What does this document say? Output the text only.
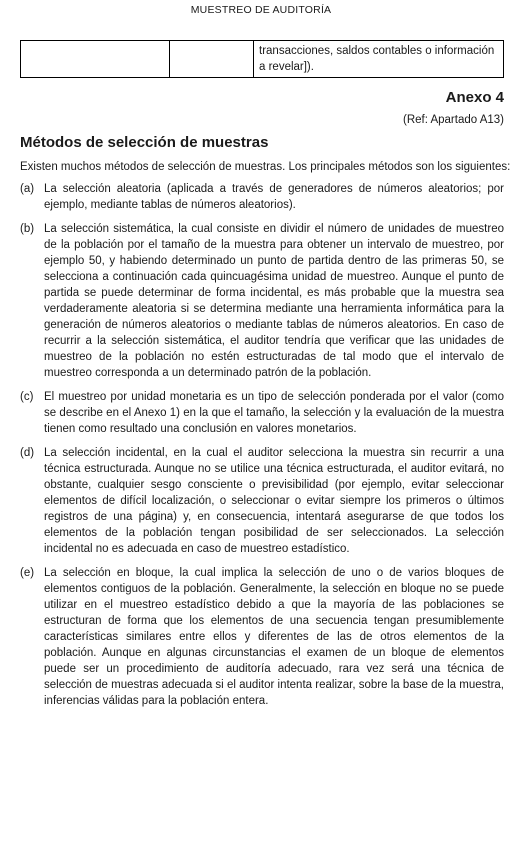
MUESTREO DE AUDITORÍA
		transacciones, saldos contables o información a revelar]).
Anexo 4
(Ref: Apartado A13)
Métodos de selección de muestras
Existen muchos métodos de selección de muestras. Los principales métodos son los siguientes:
(a) La selección aleatoria (aplicada a través de generadores de números aleatorios; por ejemplo, mediante tablas de números aleatorios).
(b) La selección sistemática, la cual consiste en dividir el número de unidades de muestreo de la población por el tamaño de la muestra para obtener un intervalo de muestreo, por ejemplo 50, y habiendo determinado un punto de partida dentro de las primeras 50, se selecciona a continuación cada quincuagésima unidad de muestreo. Aunque el punto de partida se puede determinar de forma incidental, es más probable que la muestra sea verdaderamente aleatoria si se determina mediante una herramienta informática para la generación de números aleatorios o mediante tablas de números aleatorios. En caso de recurrir a la selección sistemática, el auditor tendría que verificar que las unidades de muestreo de la población no estén estructuradas de tal modo que el intervalo de muestreo corresponda a un determinado patrón de la población.
(c) El muestreo por unidad monetaria es un tipo de selección ponderada por el valor (como se describe en el Anexo 1) en la que el tamaño, la selección y la evaluación de la muestra tienen como resultado una conclusión en valores monetarios.
(d) La selección incidental, en la cual el auditor selecciona la muestra sin recurrir a una técnica estructurada. Aunque no se utilice una técnica estructurada, el auditor evitará, no obstante, cualquier sesgo consciente o previsibilidad (por ejemplo, evitar seleccionar elementos de difícil localización, o seleccionar o evitar siempre los primeros o últimos registros de una página) y, en consecuencia, intentará asegurarse de que todos los elementos de la población tengan posibilidad de ser seleccionados. La selección incidental no es adecuada en caso de muestreo estadístico.
(e) La selección en bloque, la cual implica la selección de uno o de varios bloques de elementos contiguos de la población. Generalmente, la selección en bloque no se puede utilizar en el muestreo estadístico debido a que la mayoría de las poblaciones se estructuran de forma que los elementos de una secuencia tengan presumiblemente características similares entre ellos y diferentes de las de otros elementos de la población. Aunque en algunas circunstancias el examen de un bloque de elementos puede ser un procedimiento de auditoría adecuado, rara vez será una técnica de selección de muestras adecuada si el auditor intenta realizar, sobre la base de la muestra, inferencias válidas para la población entera.
